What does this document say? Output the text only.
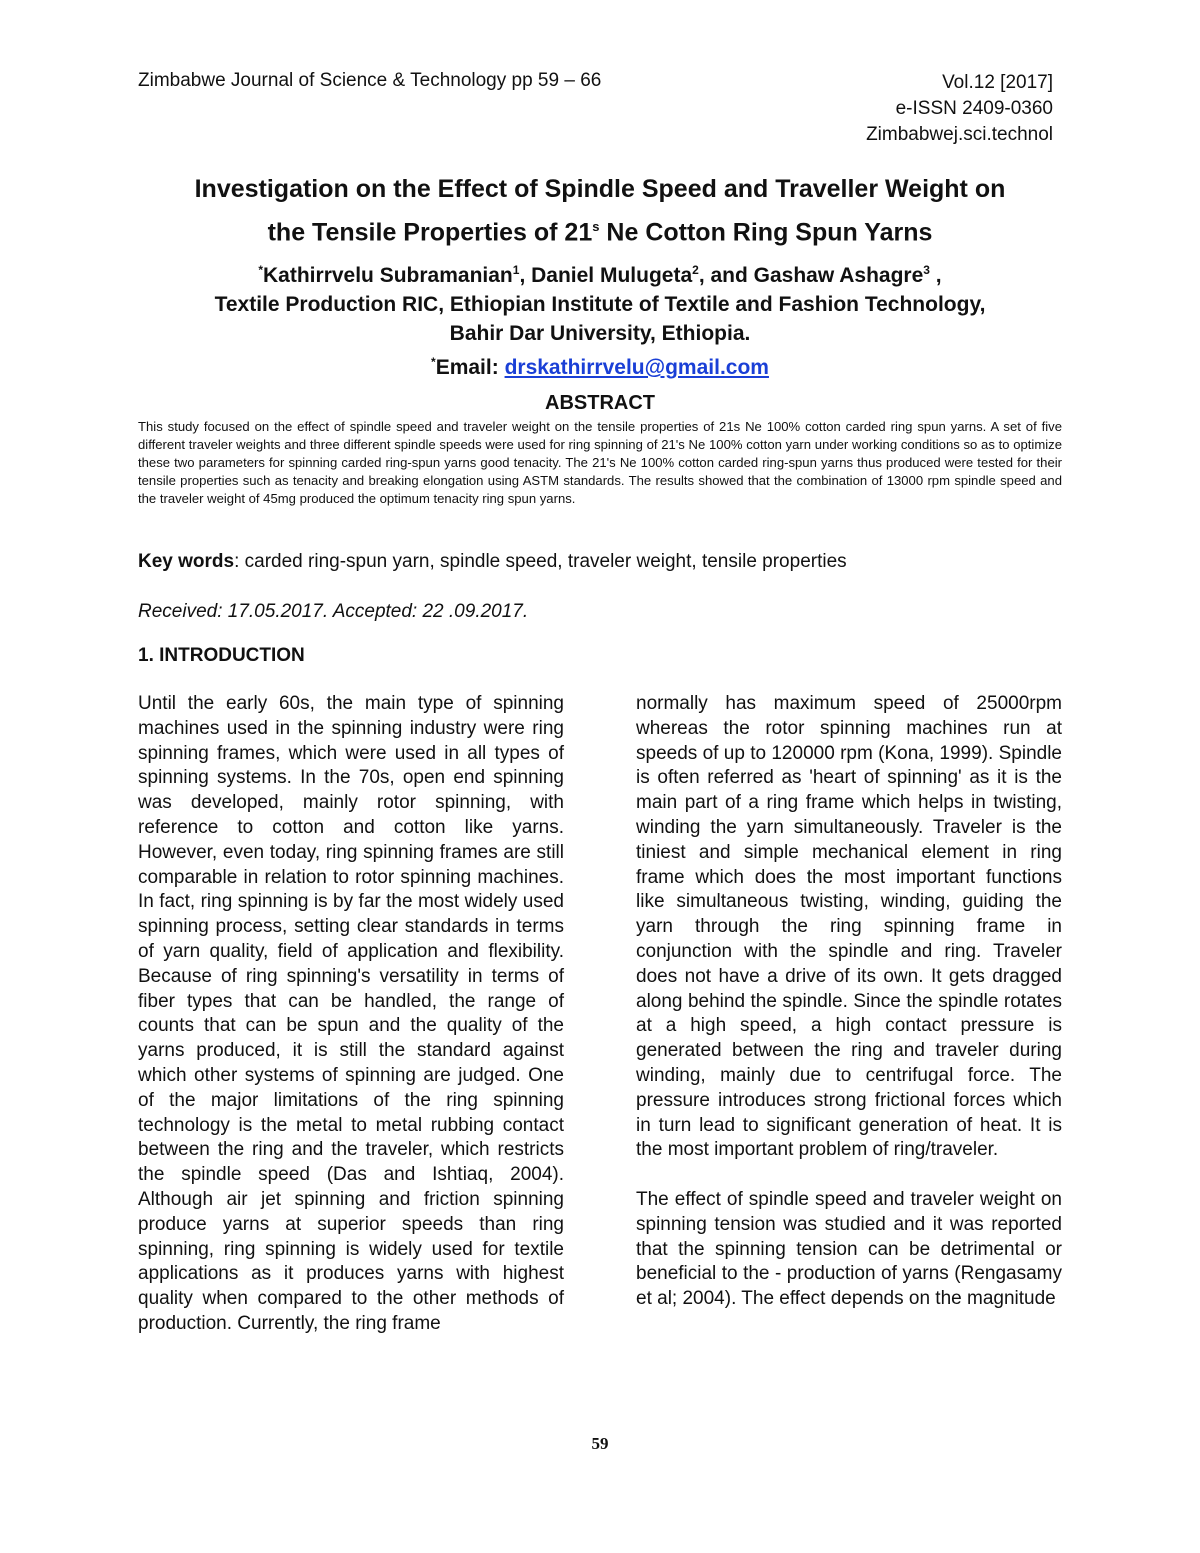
Zimbabwe Journal of Science & Technology pp 59 – 66	Vol.12 [2017]
e-ISSN 2409-0360
Zimbabwej.sci.technol
Investigation on the Effect of Spindle Speed and Traveller Weight on
the Tensile Properties of 21$^s$ Ne Cotton Ring Spun Yarns
*Kathirrvelu Subramanian$^1$, Daniel Mulugeta$^2$, and Gashaw Ashagre$^3$ ,
Textile Production RIC, Ethiopian Institute of Textile and Fashion Technology,
Bahir Dar University, Ethiopia.
*Email: drskathirrvelu@gmail.com
ABSTRACT
This study focused on the effect of spindle speed and traveler weight on the tensile properties of 21s Ne 100% cotton carded ring spun yarns. A set of five different traveler weights and three different spindle speeds were used for ring spinning of 21's Ne 100% cotton yarn under working conditions so as to optimize these two parameters for spinning carded ring-spun yarns good tenacity. The 21's Ne 100% cotton carded ring-spun yarns thus produced were tested for their tensile properties such as tenacity and breaking elongation using ASTM standards. The results showed that the combination of 13000 rpm spindle speed and the traveler weight of 45mg produced the optimum tenacity ring spun yarns.
Key words: carded ring-spun yarn, spindle speed, traveler weight, tensile properties
Received: 17.05.2017. Accepted: 22 .09.2017.
1. INTRODUCTION

Until the early 60s, the main type of spinning machines used in the spinning industry were ring spinning frames, which were used in all types of spinning systems. In the 70s, open end spinning was developed, mainly rotor spinning, with reference to cotton and cotton like yarns. However, even today, ring spinning frames are still comparable in relation to rotor spinning machines. In fact, ring spinning is by far the most widely used spinning process, setting clear standards in terms of yarn quality, field of application and flexibility. Because of ring spinning's versatility in terms of fiber types that can be handled, the range of counts that can be spun and the quality of the yarns produced, it is still the standard against which other systems of spinning are judged. One of the major limitations of the ring spinning technology is the metal to metal rubbing contact between the ring and the traveler, which restricts the spindle speed (Das and Ishtiaq, 2004). Although air jet spinning and friction spinning produce yarns at superior speeds than ring spinning, ring spinning is widely used for textile applications as it produces yarns with highest quality when compared to the other methods of production. Currently, the ring frame

normally has maximum speed of 25000rpm whereas the rotor spinning machines run at speeds of up to 120000 rpm (Kona, 1999). Spindle is often referred as 'heart of spinning' as it is the main part of a ring frame which helps in twisting, winding the yarn simultaneously. Traveler is the tiniest and simple mechanical element in ring frame which does the most important functions like simultaneous twisting, winding, guiding the yarn through the ring spinning frame in conjunction with the spindle and ring. Traveler does not have a drive of its own. It gets dragged along behind the spindle. Since the spindle rotates at a high speed, a high contact pressure is generated between the ring and traveler during winding, mainly due to centrifugal force. The pressure introduces strong frictional forces which in turn lead to significant generation of heat. It is the most important problem of ring/traveler.

The effect of spindle speed and traveler weight on spinning tension was studied and it was reported that the spinning tension can be detrimental or beneficial to the - production of yarns (Rengasamy et al; 2004). The effect depends on the magnitude

59
